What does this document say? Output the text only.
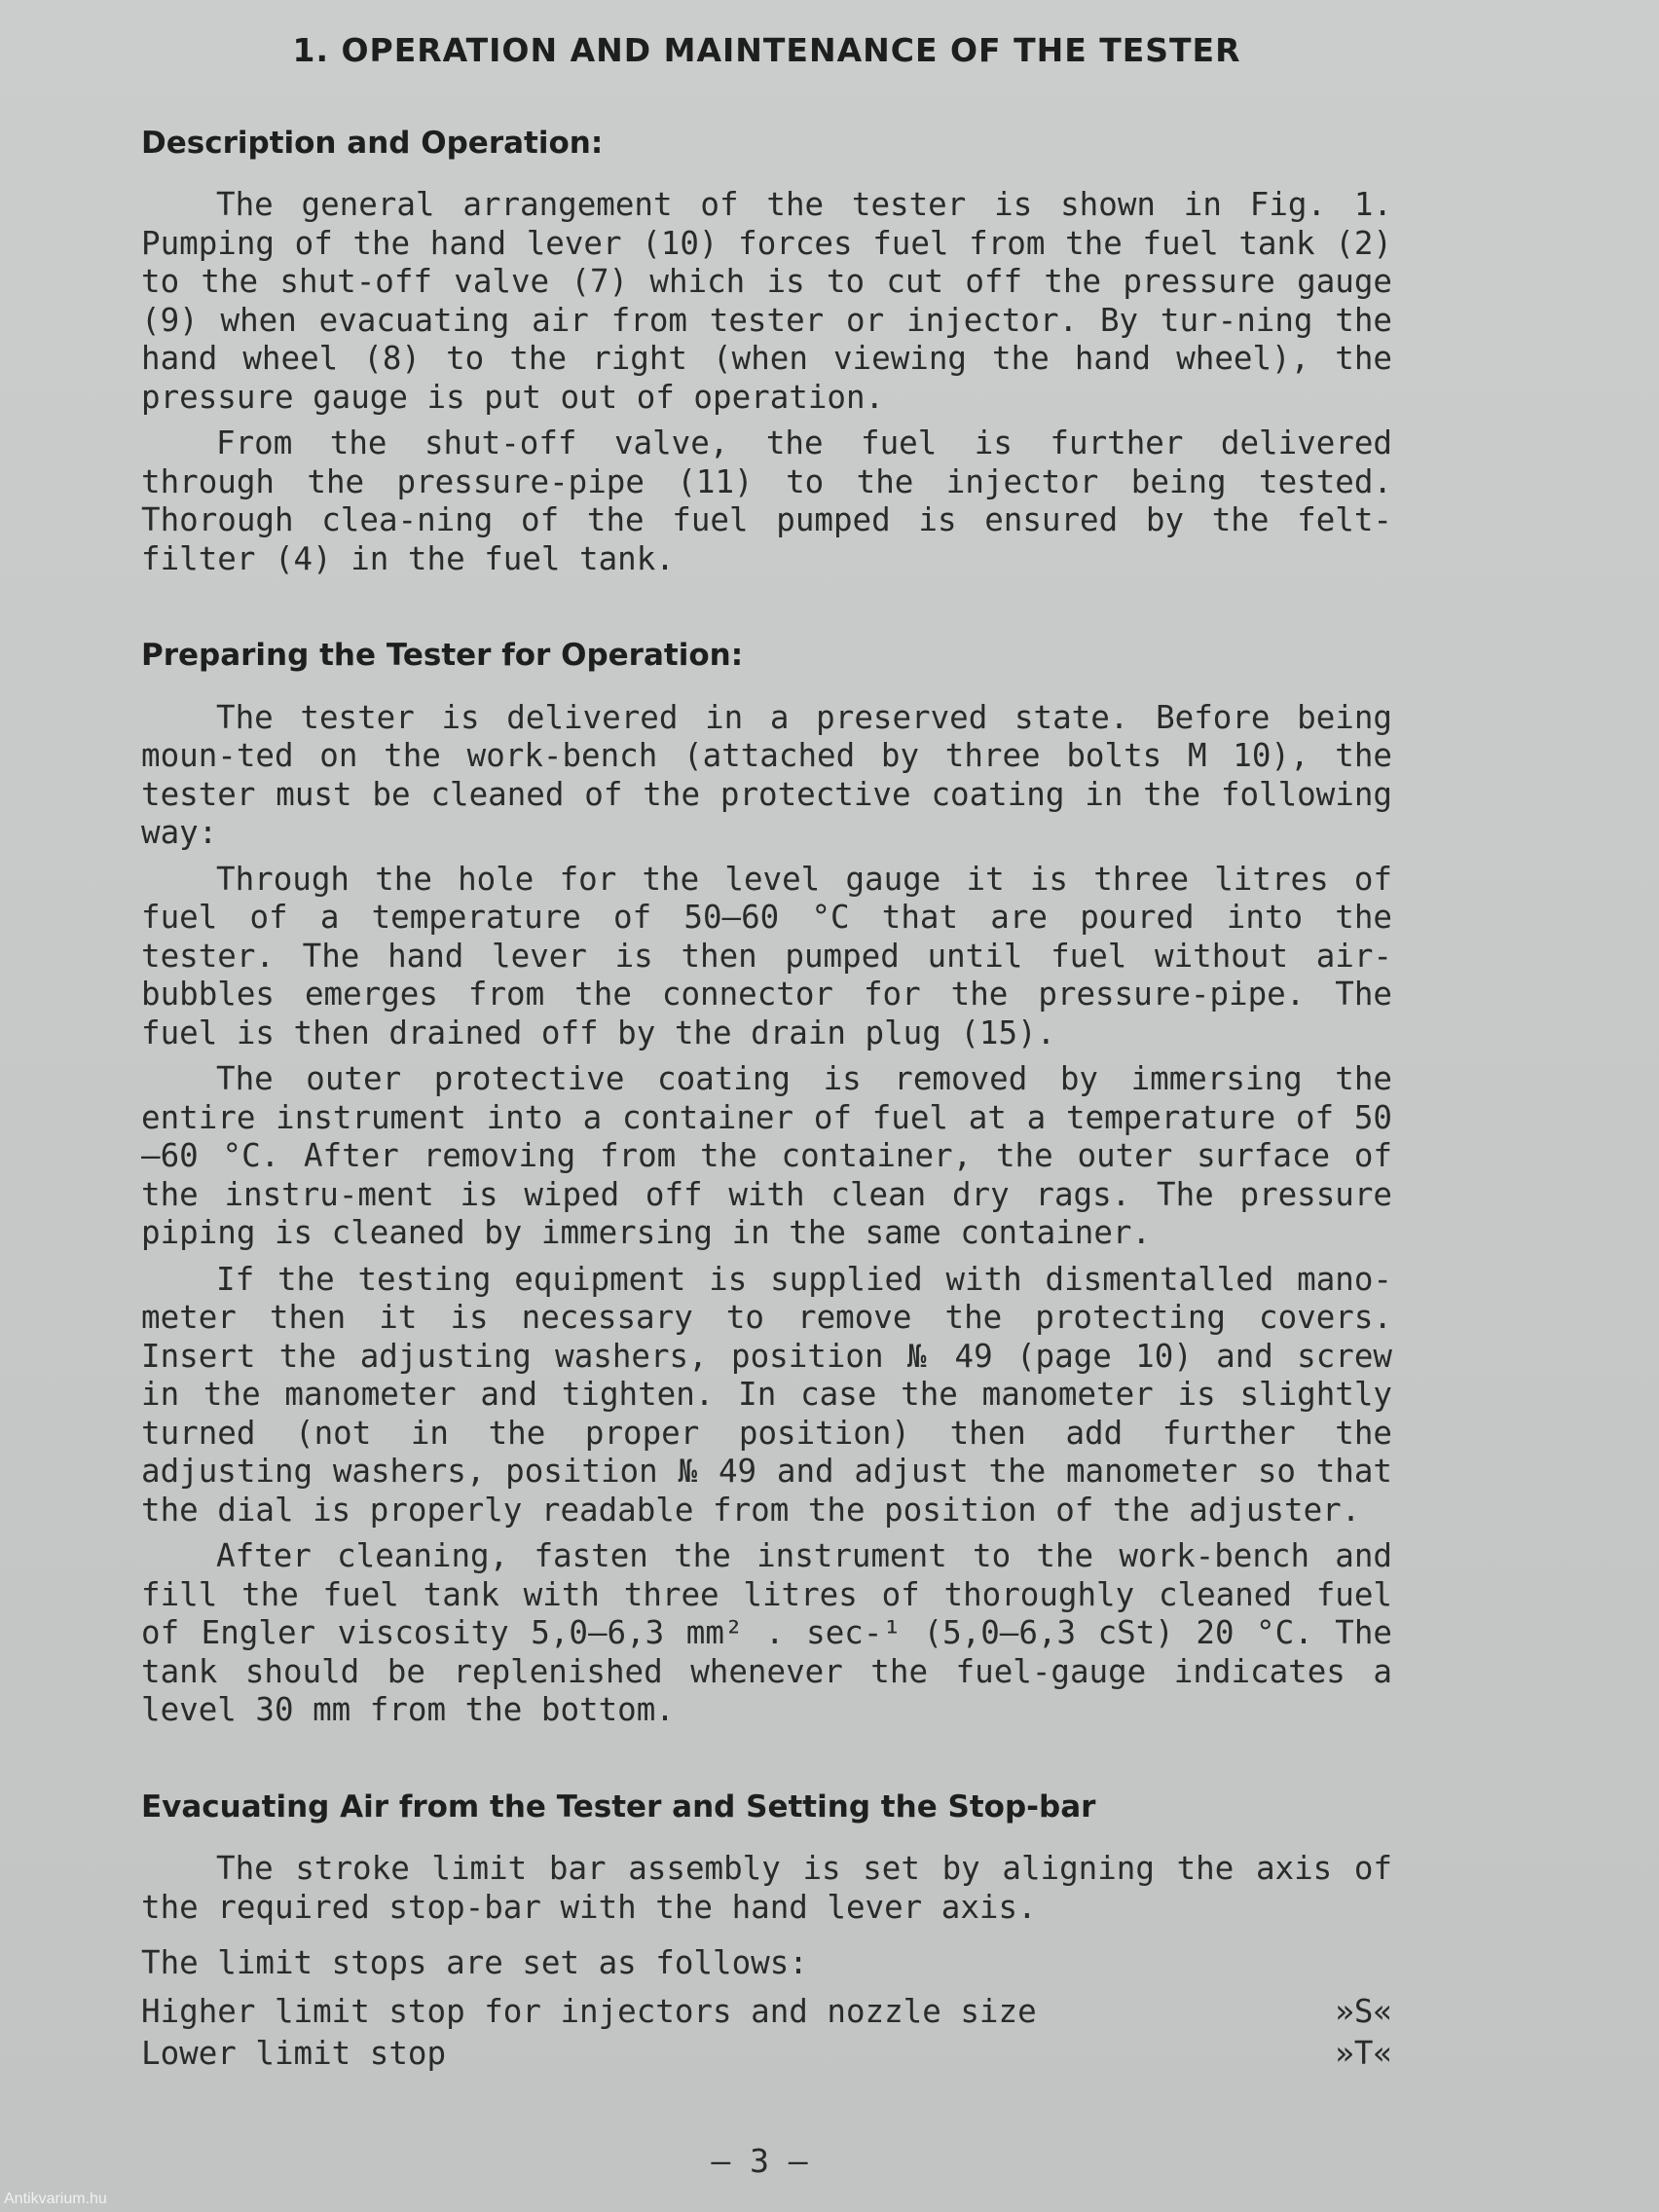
1. OPERATION AND MAINTENANCE OF THE TESTER
Description and Operation:

The general arrangement of the tester is shown in Fig. 1. Pumping of the hand lever (10) forces fuel from the fuel tank (2) to the shut-off valve (7) which is to cut off the pressure gauge (9) when evacuating air from tester or injector. By tur-ning the hand wheel (8) to the right (when viewing the hand wheel), the pressure gauge is put out of operation.

From the shut-off valve, the fuel is further delivered through the pressure-pipe (11) to the injector being tested. Thorough clea-ning of the fuel pumped is ensured by the felt-filter (4) in the fuel tank.

Preparing the Tester for Operation:

The tester is delivered in a preserved state. Before being moun-ted on the work-bench (attached by three bolts M 10), the tester must be cleaned of the protective coating in the following way:

Through the hole for the level gauge it is three litres of fuel of a temperature of 50—60 °C that are poured into the tester. The hand lever is then pumped until fuel without air-bubbles emerges from the connector for the pressure-pipe. The fuel is then drained off by the drain plug (15).

The outer protective coating is removed by immersing the entire instrument into a container of fuel at a temperature of 50—60 °C. After removing from the container, the outer surface of the instru-ment is wiped off with clean dry rags. The pressure piping is cleaned by immersing in the same container.

If the testing equipment is supplied with dismentalled mano-meter then it is necessary to remove the protecting covers. Insert the adjusting washers, position № 49 (page 10) and screw in the manometer and tighten. In case the manometer is slightly turned (not in the proper position) then add further the adjusting washers, position № 49 and adjust the manometer so that the dial is properly readable from the position of the adjuster.

After cleaning, fasten the instrument to the work-bench and fill the fuel tank with three litres of thoroughly cleaned fuel of Engler viscosity 5,0—6,3 mm² . sec-¹ (5,0—6,3 cSt) 20 °C. The tank should be replenished whenever the fuel-gauge indicates a level 30 mm from the bottom.

Evacuating Air from the Tester and Setting the Stop-bar

The stroke limit bar assembly is set by aligning the axis of the required stop-bar with the hand lever axis.

The limit stops are set as follows:

Higher limit stop for injectors and nozzle size	»S«
Lower limit stop	»T«
— 3 —
Antikvarium.hu
